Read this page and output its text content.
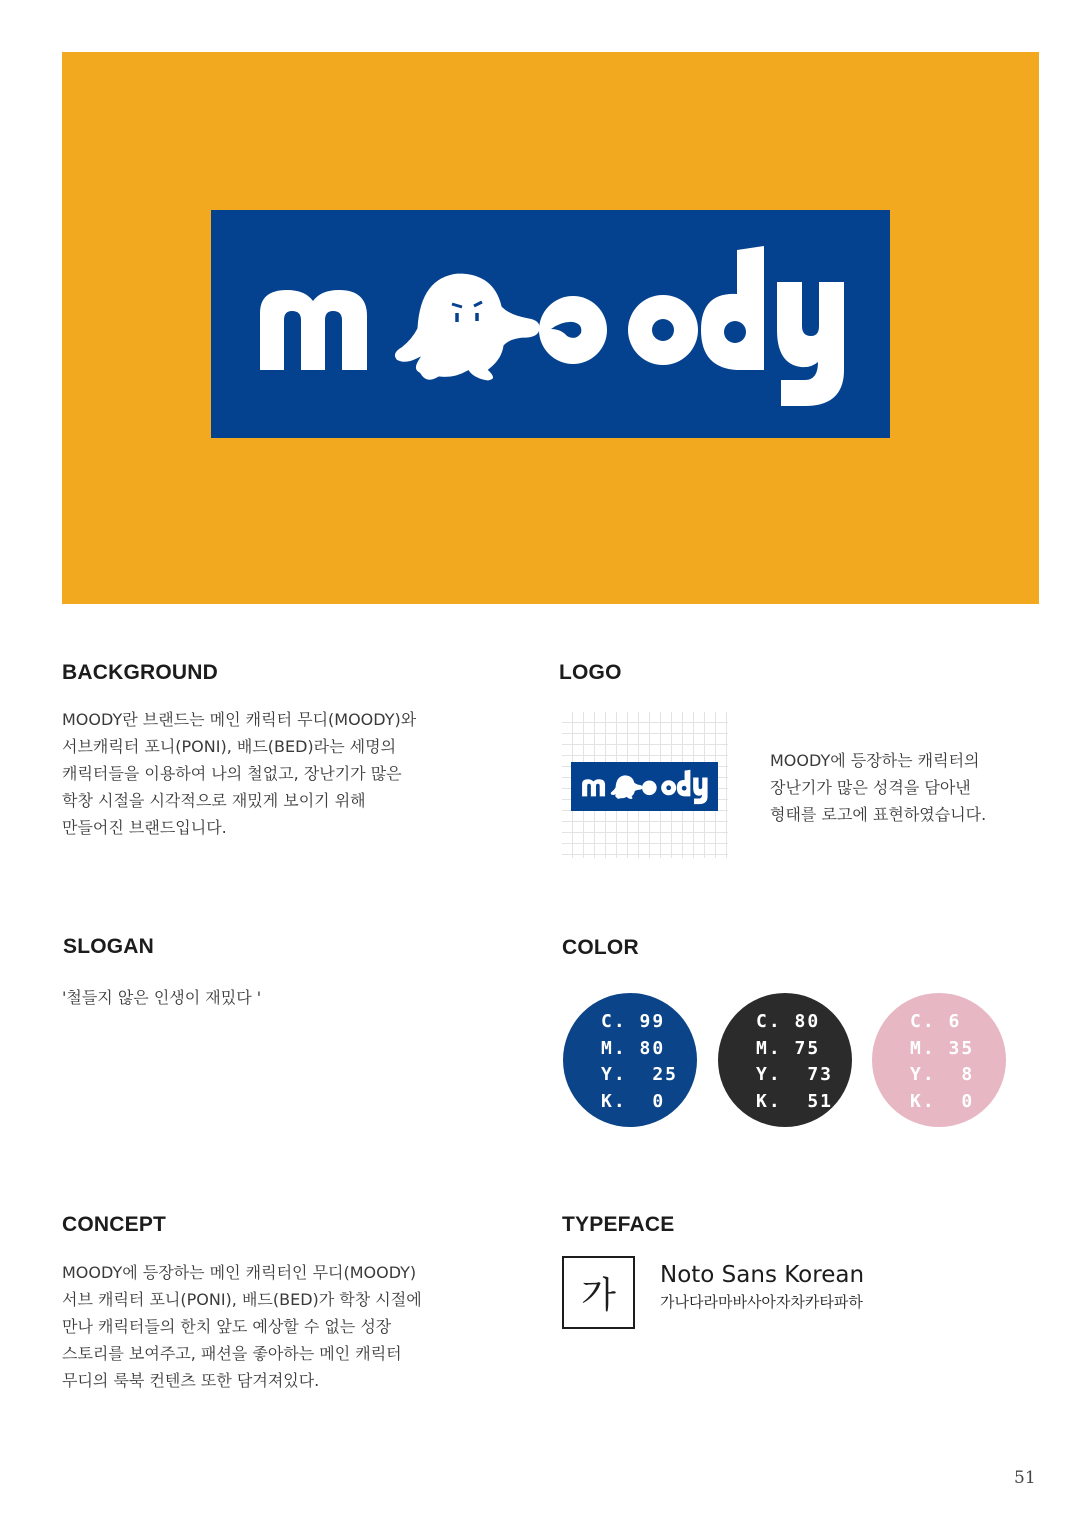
moody
BACKGROUND
MOODY란 브랜드는 메인 캐릭터 무디(MOODY)와
서브캐릭터 포니(PONI), 배드(BED)라는 세명의
캐릭터들을 이용하여 나의 철없고, 장난기가 많은
학창 시절을 시각적으로 재밌게 보이기 위해
만들어진 브랜드입니다.
LOGO
MOODY에 등장하는 캐릭터의
장난기가 많은 성격을 담아낸
형태를 로고에 표현하였습니다.
SLOGAN
'철들지 않은 인생이 재밌다 '
COLOR
C. 99
M. 80
Y.  25
K.  0
C. 80
M. 75
Y.  73
K.  51
C. 6
M. 35
Y.  8
K.  0
CONCEPT
MOODY에 등장하는 메인 캐릭터인 무디(MOODY)
서브 캐릭터 포니(PONI), 배드(BED)가 학창 시절에
만나 캐릭터들의 한치 앞도 예상할 수 없는 성장
스토리를 보여주고, 패션을 좋아하는 메인 캐릭터
무디의 룩북 컨텐츠 또한 담겨져있다.
TYPEFACE
가 Noto Sans Korean
가나다라마바사아자차카타파하
51
